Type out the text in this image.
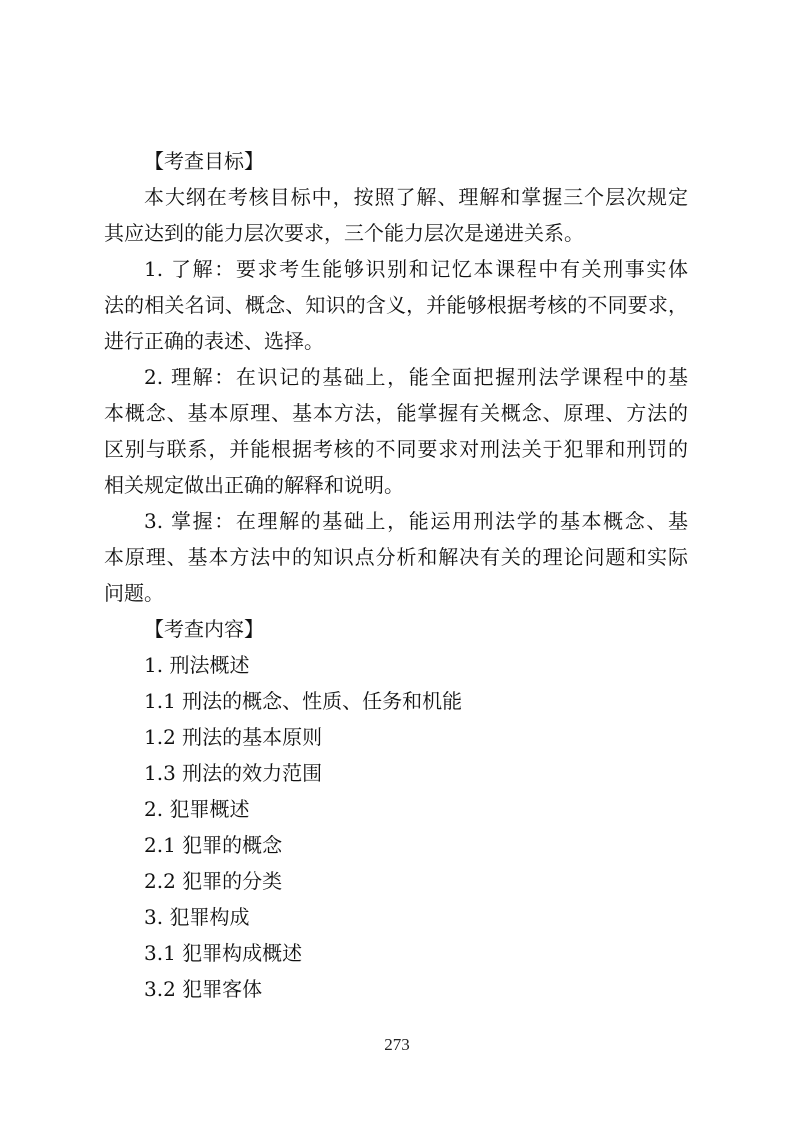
【考查目标】
本大纲在考核目标中，按照了解、理解和掌握三个层次规定
其应达到的能力层次要求，三个能力层次是递进关系。
1. 了解：要求考生能够识别和记忆本课程中有关刑事实体
法的相关名词、概念、知识的含义，并能够根据考核的不同要求，
进行正确的表述、选择。
2. 理解：在识记的基础上，能全面把握刑法学课程中的基
本概念、基本原理、基本方法，能掌握有关概念、原理、方法的
区别与联系，并能根据考核的不同要求对刑法关于犯罪和刑罚的
相关规定做出正确的解释和说明。
3. 掌握：在理解的基础上，能运用刑法学的基本概念、基
本原理、基本方法中的知识点分析和解决有关的理论问题和实际
问题。
【考查内容】
1. 刑法概述
1.1 刑法的概念、性质、任务和机能
1.2 刑法的基本原则
1.3 刑法的效力范围
2. 犯罪概述
2.1 犯罪的概念
2.2 犯罪的分类
3. 犯罪构成
3.1 犯罪构成概述
3.2 犯罪客体
273
